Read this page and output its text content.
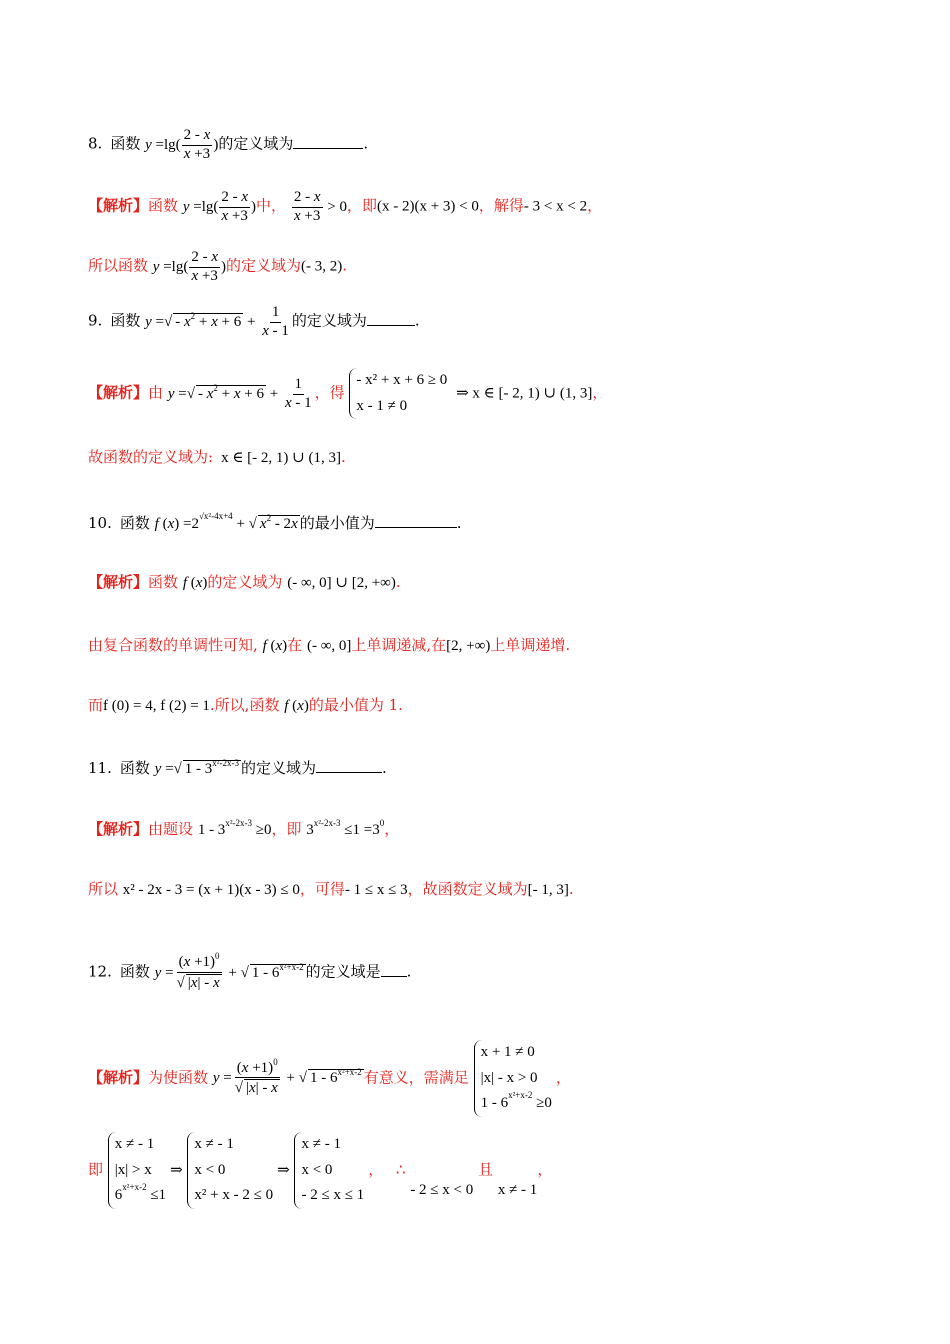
8. 函数 $y =\lg( \frac{2 - x}{x +3}$ )的定义域为	.
【解析】函数 $y =\lg( \frac{2 - x}{x +3}$ )中， $\frac{2 - x}{x +3} > 0$，即(x - 2)(x + 3) < 0，解得- 3 < x < 2，
所以函数 $y =\lg( \frac{2 - x}{x +3}$ )的定义域为(- 3, 2).
9. 函数 y =√ - $x^2 + x + 6 + \frac{1}{x - 1}$ 的定义域为	.
【解析】由 y =√ - $x^2 + x + 6 + \frac{1}{x - 1}$ ，得 - x² + x + 6 ≥ 0
x - 1 ≠ 0 ⇒ x ∈ [- 2, 1) ∪ (1, 3]，
故函数的定义域为: x ∈ [- 2, 1) ∪ (1, 3].
10. 函数 f $(x) =2^{√x^2-4x+4}$ + √ $x^2 - 2x$ 的最小值为	.
【解析】函数 f (x)的定义域为 (- ∞, 0] ∪ [2, +∞).
由复合函数的单调性可知, f (x)在 (- ∞, 0]上单调递减,在[2, +∞)上单调递增.
而f (0) = 4, f (2) = 1.所以,函数 f (x)的最小值为 1.
11. 函数 y =√ $1 - 3^{x^2-2x-3}$ 的定义域为	.
【解析】由题设 $1 - 3^{x^2-2x-3} \ge 0$，即 $3^{x^2-2x-3} \le 1 =3^0$，
所以 x² - 2x - 3 = (x + 1)(x - 3) ≤ 0，可得- 1 ≤ x ≤ 3，故函数定义域为[- 1, 3].
12. 函数 $y = \frac{(x +1)^0}{√ |x| - x}$ + √ $1 - 6^{x^2+x-2}$ 的定义域是 .
【解析】为使函数 $y = \frac{(x +1)^0}{√ |x| - x}$ + √ $1 - 6^{x^2+x-2}$ 有意义，需满足 x + 1 ≠ 0
|x| - x > 0
$1 - 6^{x^2+x-2} \ge 0$，
即 x ≠ - 1
|x| > x
$6^{x^2+x-2}$ ≤1⇒ x ≠ - 1
x < 0
x² + x - 2 ≤ 0⇒ x ≠ - 1
x < 0
- 2 ≤ x ≤ 1， ∴ - 2 ≤ x < 0 且 x ≠ - 1，
